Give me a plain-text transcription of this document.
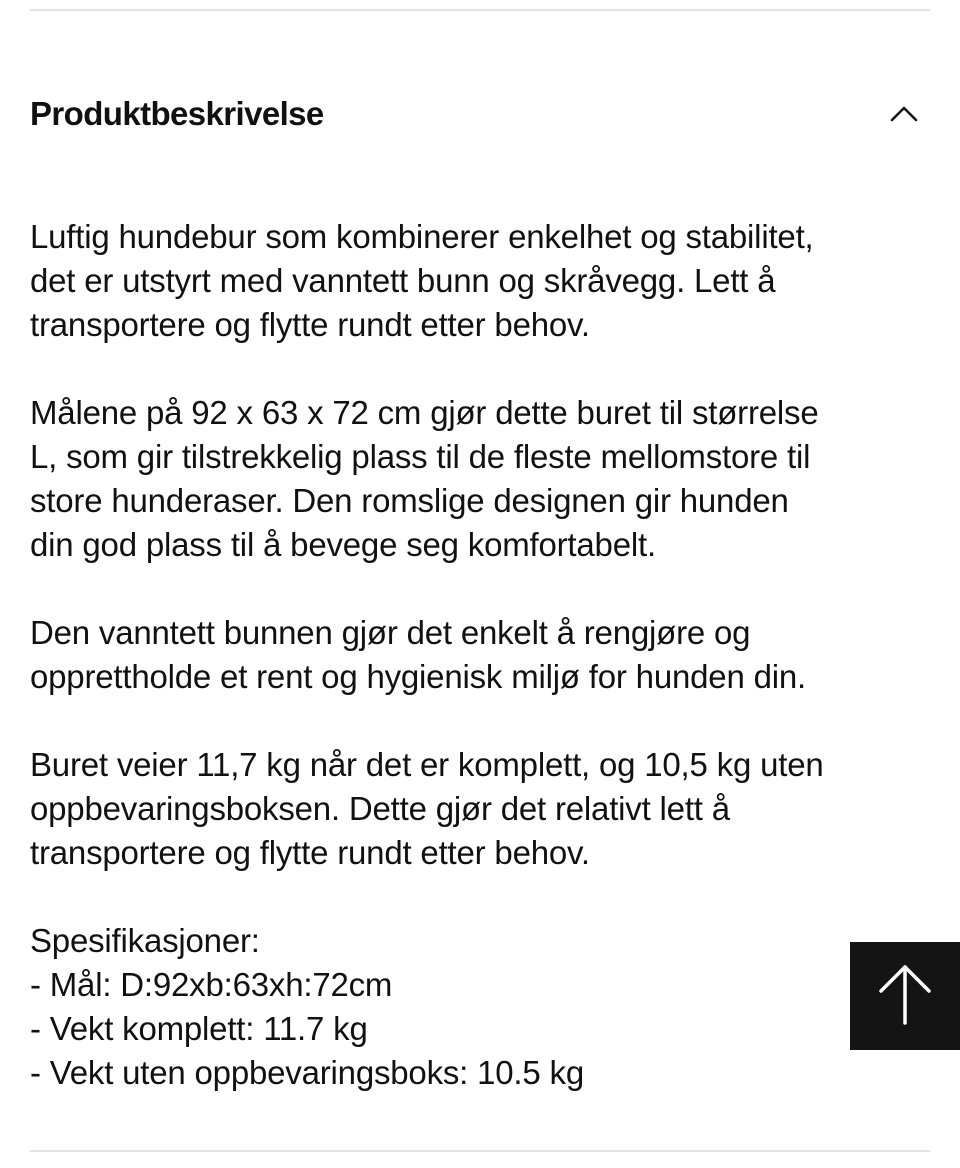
Produktbeskrivelse

Luftig hundebur som kombinerer enkelhet og stabilitet,
det er utstyrt med vanntett bunn og skråvegg. Lett å
transportere og flytte rundt etter behov.

Målene på 92 x 63 x 72 cm gjør dette buret til størrelse
L, som gir tilstrekkelig plass til de fleste mellomstore til
store hunderaser. Den romslige designen gir hunden
din god plass til å bevege seg komfortabelt.

Den vanntett bunnen gjør det enkelt å rengjøre og
opprettholde et rent og hygienisk miljø for hunden din.

Buret veier 11,7 kg når det er komplett, og 10,5 kg uten
oppbevaringsboksen. Dette gjør det relativt lett å
transportere og flytte rundt etter behov.

Spesifikasjoner:
- Mål: D:92xb:63xh:72cm
- Vekt komplett: 11.7 kg
- Vekt uten oppbevaringsboks: 10.5 kg
